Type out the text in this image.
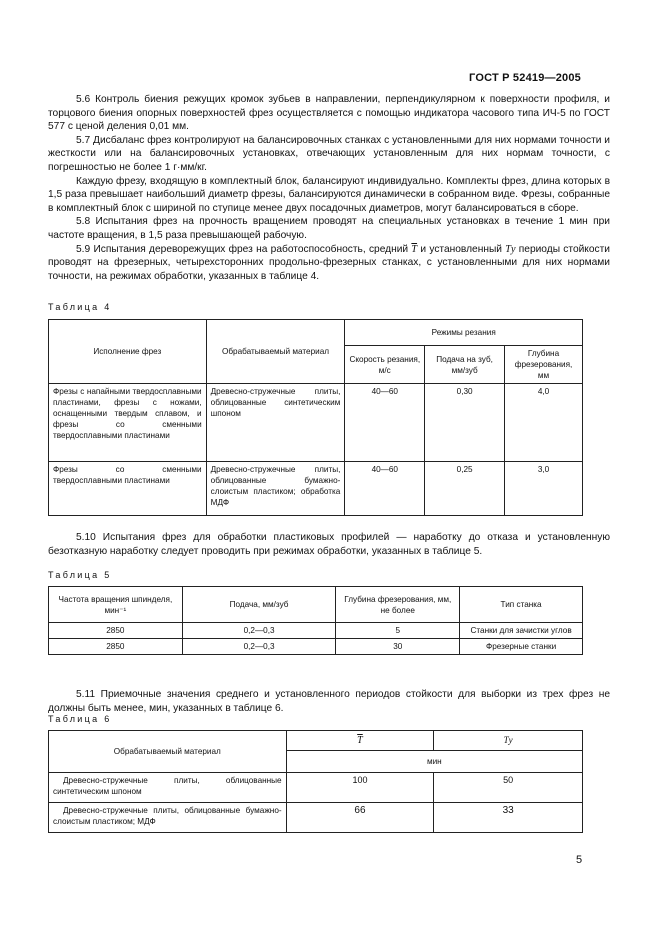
ГОСТ Р 52419—2005

5.6 Контроль биения режущих кромок зубьев в направлении, перпендикулярном к поверхности профиля, и торцового биения опорных поверхностей фрез осуществляется с помощью индикатора часового типа ИЧ-5 по ГОСТ 577 с ценой деления 0,01 мм.

5.7 Дисбаланс фрез контролируют на балансировочных станках с установленными для них нормами точности и жесткости или на балансировочных установках, отвечающих установленным для них нормам точности, с погрешностью не более 1 г·мм/кг.

Каждую фрезу, входящую в комплектный блок, балансируют индивидуально. Комплекты фрез, длина которых в 1,5 раза превышает наибольший диаметр фрезы, балансируются динамически в собранном виде. Фрезы, собранные в комплектный блок с шириной по ступице менее двух посадочных диаметров, могут балансироваться в сборе.

5.8 Испытания фрез на прочность вращением проводят на специальных установках в течение 1 мин при частоте вращения, в 1,5 раза превышающей рабочую.

5.9 Испытания дереворежущих фрез на работоспособность, средний $\overline{T}$ и установленный Tу периоды стойкости проводят на фрезерных, четырехсторонних продольно-фрезерных станках, с установленными для них нормами точности, на режимах обработки, указанных в таблице 4.

Таблица 4
Исполнение фрез	Обрабатываемый материал	Режимы резания		
		Скорость резания, м/с	Подача на зуб, мм/зуб	Глубина фрезерования, мм
Фрезы с напайными твердосплавными пластинами, фрезы с ножами, оснащенными твердым сплавом, и фрезы со сменными твердосплавными пластинами	Древесно-стружечные плиты, облицованные синтетическим шпоном	40—60	0,30	4,0
Фрезы со сменными твердосплавными пластинами	Древесно-стружечные плиты, облицованные бумажно-слоистым пластиком; обработка МДФ	40—60	0,25	3,0

5.10 Испытания фрез для обработки пластиковых профилей — наработку до отказа и установленную безотказную наработку следует проводить при режимах обработки, указанных в таблице 5.

Таблица 5
Частота вращения шпинделя, мин⁻¹	Подача, мм/зуб	Глубина фрезерования, мм, не более	Тип станка
2850	0,2—0,3	5	Станки для зачистки углов
2850	0,2—0,3	30	Фрезерные станки

5.11 Приемочные значения среднего и установленного периодов стойкости для выборки из трех фрез не должны быть менее, мин, указанных в таблице 6.

Таблица 6
Обрабатываемый материал	$\overline{T}$	Tу
	мин	
Древесно-стружечные плиты, облицованные синтетическим шпоном	100	50
Древесно-стружечные плиты, облицованные бумажно-слоистым пластиком; МДФ	66	33
5
